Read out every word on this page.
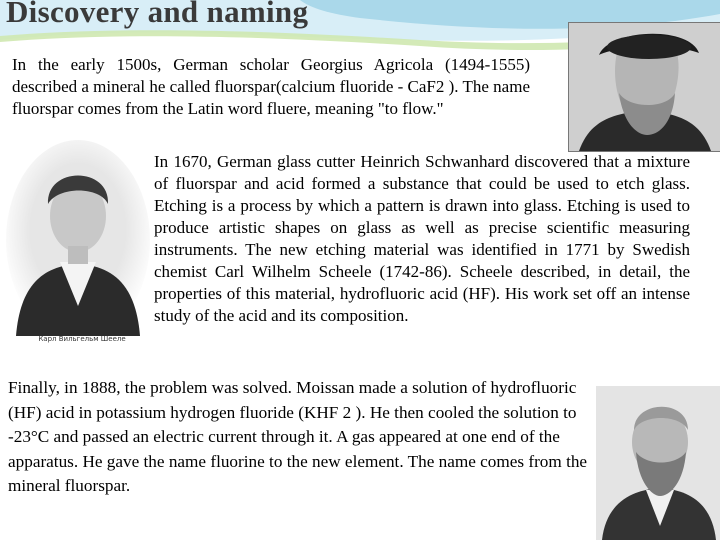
Discovery and naming

In the early 1500s, German scholar Georgius Agricola (1494-1555) described a mineral he called fluorspar(calcium fluoride - CaF2 ). The name fluorspar comes from the Latin word fluere, meaning "to flow."

Карл Вильгельм Шееле

In 1670, German glass cutter Heinrich Schwanhard discovered that a mixture of fluorspar and acid formed a substance that could be used to etch glass. Etching is a process by which a pattern is drawn into glass. Etching is used to produce artistic shapes on glass as well as precise scientific measuring instruments. The new etching material was identified in 1771 by Swedish chemist Carl Wilhelm Scheele (1742-86). Scheele described, in detail, the properties of this material, hydrofluoric acid (HF). His work set off an intense study of the acid and its composition.

Finally, in 1888, the problem was solved. Moissan made a solution of hydrofluoric (HF) acid in potassium hydrogen fluoride (KHF 2 ). He then cooled the solution to -23°C and passed an electric current through it. A gas appeared at one end of the apparatus. He gave the name fluorine to the new element. The name comes from the mineral fluorspar.
